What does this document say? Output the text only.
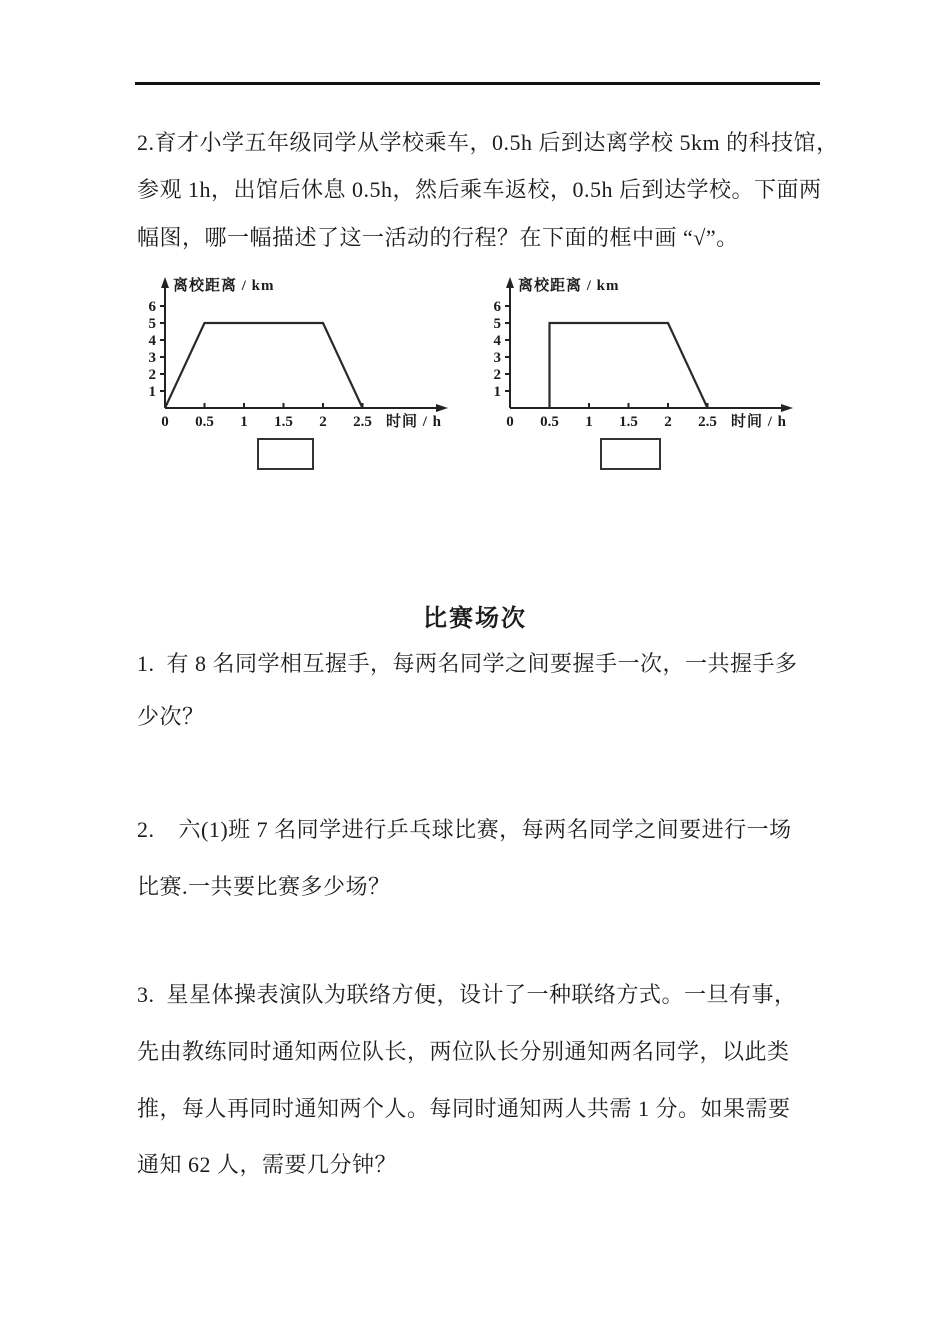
2.育才小学五年级同学从学校乘车，0.5h 后到达离学校 5km 的科技馆，
参观 1h，出馆后休息 0.5h，然后乘车返校，0.5h 后到达学校。下面两
幅图，哪一幅描述了这一活动的行程？在下面的框中画 “√”。
1
2
3
4
5
6
0 0.5 1 1.5 2 2.5
离校距离 / km
时间 / h
1
2
3
4
5
6
0 0.5 1 1.5 2 2.5
离校距离 / km
时间 / h
比赛场次
1.  有 8 名同学相互握手，每两名同学之间要握手一次，一共握手多
少次？
2.    六(1)班 7 名同学进行乒乓球比赛，每两名同学之间要进行一场
比赛.一共要比赛多少场？
3.  星星体操表演队为联络方便，设计了一种联络方式。一旦有事，
先由教练同时通知两位队长，两位队长分别通知两名同学，以此类
推，每人再同时通知两个人。每同时通知两人共需 1 分。如果需要
通知 62 人，需要几分钟？
